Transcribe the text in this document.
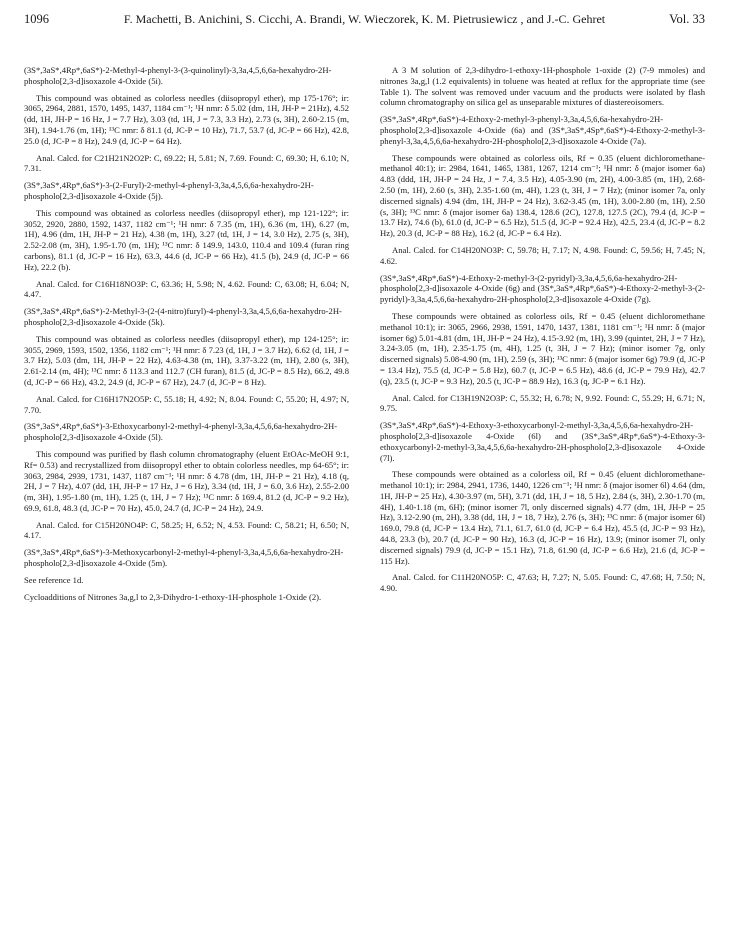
1096	F. Machetti, B. Anichini, S. Cicchi, A. Brandi, W. Wieczorek, K. M. Pietrusiewicz , and J.-C. Gehret	Vol. 33

(3S*,3aS*,4Rp*,6aS*)-2-Methyl-4-phenyl-3-(3-quinolinyl)-3,3a,4,5,6,6a-hexahydro-2H-phospholo[2,3-d]isoxazole 4-Oxide (5i).

This compound was obtained as colorless needles (diisopropyl ether), mp 175-176°; ir: 3065, 2964, 2881, 1570, 1495, 1437, 1184 cm⁻¹; ¹H nmr: δ 5.02 (dm, 1H, JH-P = 21Hz), 4.52 (dd, 1H, JH-P = 16 Hz, J = 7.7 Hz), 3.03 (td, 1H, J = 7.3, 3.3 Hz), 2.73 (s, 3H), 2.60-2.15 (m, 3H), 1.94-1.76 (m, 1H); ¹³C nmr: δ 81.1 (d, JC-P = 10 Hz), 71.7, 53.7 (d, JC-P = 66 Hz), 42.8, 25.0 (d, JC-P = 8 Hz), 24.9 (d, JC-P = 64 Hz).

Anal. Calcd. for C21H21N2O2P: C, 69.22; H, 5.81; N, 7.69. Found: C, 69.30; H, 6.10; N, 7.31.

(3S*,3aS*,4Rp*,6aS*)-3-(2-Furyl)-2-methyl-4-phenyl-3,3a,4,5,6,6a-hexahydro-2H-phospholo[2,3-d]isoxazole 4-Oxide (5j).

This compound was obtained as colorless needles (diisopropyl ether), mp 121-122°; ir: 3052, 2920, 2880, 1592, 1437, 1182 cm⁻¹; ¹H nmr: δ 7.35 (m, 1H), 6.36 (m, 1H), 6.27 (m, 1H), 4.96 (dm, 1H, JH-P = 21 Hz), 4.38 (m, 1H), 3.27 (td, 1H, J = 14, 3.0 Hz), 2.75 (s, 3H), 2.52-2.08 (m, 3H), 1.95-1.70 (m, 1H); ¹³C nmr: δ 149.9, 143.0, 110.4 and 109.4 (furan ring carbons), 81.1 (d, JC-P = 16 Hz), 63.3, 44.6 (d, JC-P = 66 Hz), 41.5 (b), 24.9 (d, JC-P = 66 Hz), 22.2 (b).

Anal. Calcd. for C16H18NO3P: C, 63.36; H, 5.98; N, 4.62. Found: C, 63.08; H, 6.04; N, 4.47.

(3S*,3aS*,4Rp*,6aS*)-2-Methyl-3-(2-(4-nitro)furyl)-4-phenyl-3,3a,4,5,6,6a-hexahydro-2H-phospholo[2,3-d]isoxazole 4-Oxide (5k).

This compound was obtained as colorless needles (diisopropyl ether), mp 124-125°; ir: 3055, 2969, 1593, 1502, 1356, 1182 cm⁻¹; ¹H nmr: δ 7.23 (d, 1H, J = 3.7 Hz), 6.62 (d, 1H, J = 3.7 Hz), 5.03 (dm, 1H, JH-P = 22 Hz), 4.63-4.38 (m, 1H), 3.37-3.22 (m, 1H), 2.80 (s, 3H), 2.61-2.14 (m, 4H); ¹³C nmr: δ 113.3 and 112.7 (CH furan), 81.5 (d, JC-P = 8.5 Hz), 66.2, 49.8 (d, JC-P = 66 Hz), 43.2, 24.9 (d, JC-P = 67 Hz), 24.7 (d, JC-P = 8 Hz).

Anal. Calcd. for C16H17N2O5P: C, 55.18; H, 4.92; N, 8.04. Found: C, 55.20; H, 4.97; N, 7.70.

(3S*,3aS*,4Rp*,6aS*)-3-Ethoxycarbonyl-2-methyl-4-phenyl-3,3a,4,5,6,6a-hexahydro-2H-phospholo[2,3-d]isoxazole 4-Oxide (5l).

This compound was purified by flash column chromatography (eluent EtOAc-MeOH 9:1, Rf= 0.53) and recrystallized from diisopropyl ether to obtain colorless needles, mp 64-65°; ir: 3063, 2984, 2939, 1731, 1437, 1187 cm⁻¹; ¹H nmr: δ 4.78 (dm, 1H, JH-P = 21 Hz), 4.18 (q, 2H, J = 7 Hz), 4.07 (dd, 1H, JH-P = 17 Hz, J = 6 Hz), 3.34 (td, 1H, J = 6.0, 3.6 Hz), 2.55-2.00 (m, 3H), 1.95-1.80 (m, 1H), 1.25 (t, 1H, J = 7 Hz); ¹³C nmr: δ 169.4, 81.2 (d, JC-P = 9.2 Hz), 69.9, 61.8, 48.3 (d, JC-P = 70 Hz), 45.0, 24.7 (d, JC-P = 24 Hz), 24.9.

Anal. Calcd. for C15H20NO4P: C, 58.25; H, 6.52; N, 4.53. Found: C, 58.21; H, 6.50; N, 4.17.

(3S*,3aS*,4Rp*,6aS*)-3-Methoxycarbonyl-2-methyl-4-phenyl-3,3a,4,5,6,6a-hexahydro-2H-phospholo[2,3-d]isoxazole 4-Oxide (5m).

See reference 1d.

Cycloadditions of Nitrones 3a,g,l to 2,3-Dihydro-1-ethoxy-1H-phosphole 1-Oxide (2).

A 3 M solution of 2,3-dihydro-1-ethoxy-1H-phosphole 1-oxide (2) (7-9 mmoles) and nitrones 3a,g,l (1.2 equivalents) in toluene was heated at reflux for the appropriate time (see Table 1). The solvent was removed under vacuum and the products were isolated by flash column chromatography on silica gel as unseparable mixtures of diastereoisomers.

(3S*,3aS*,4Rp*,6aS*)-4-Ethoxy-2-methyl-3-phenyl-3,3a,4,5,6,6a-hexahydro-2H-phospholo[2,3-d]isoxazole 4-Oxide (6a) and (3S*,3aS*,4Sp*,6aS*)-4-Ethoxy-2-methyl-3-phenyl-3,3a,4,5,6,6a-hexahydro-2H-phospholo[2,3-d]isoxazole 4-Oxide (7a).

These compounds were obtained as colorless oils, Rf = 0.35 (eluent dichloromethane-methanol 40:1); ir: 2984, 1641, 1465, 1381, 1267, 1214 cm⁻¹; ¹H nmr: δ (major isomer 6a) 4.83 (ddd, 1H, JH-P = 24 Hz, J = 7.4, 3.5 Hz), 4.05-3.90 (m, 2H), 4.00-3.85 (m, 1H), 2.68-2.50 (m, 1H), 2.60 (s, 3H), 2.35-1.60 (m, 4H), 1.23 (t, 3H, J = 7 Hz); (minor isomer 7a, only discerned signals) 4.94 (dm, 1H, JH-P = 24 Hz), 3.62-3.45 (m, 1H), 3.00-2.80 (m, 1H), 2.50 (s, 3H); ¹³C nmr: δ (major isomer 6a) 138.4, 128.6 (2C), 127.8, 127.5 (2C), 79.4 (d, JC-P = 13.7 Hz), 74.6 (b), 61.0 (d, JC-P = 6.5 Hz), 51.5 (d, JC-P = 92.4 Hz), 42.5, 23.4 (d, JC-P = 8.2 Hz), 20.3 (d, JC-P = 88 Hz), 16.2 (d, JC-P = 6.4 Hz).

Anal. Calcd. for C14H20NO3P: C, 59.78; H, 7.17; N, 4.98. Found: C, 59.56; H, 7.45; N, 4.62.

(3S*,3aS*,4Rp*,6aS*)-4-Ethoxy-2-methyl-3-(2-pyridyl)-3,3a,4,5,6,6a-hexahydro-2H-phospholo[2,3-d]isoxazole 4-Oxide (6g) and (3S*,3aS*,4Rp*,6aS*)-4-Ethoxy-2-methyl-3-(2-pyridyl)-3,3a,4,5,6,6a-hexahydro-2H-phospholo[2,3-d]isoxazole 4-Oxide (7g).

These compounds were obtained as colorless oils, Rf = 0.45 (eluent dichloromethane methanol 10:1); ir: 3065, 2966, 2938, 1591, 1470, 1437, 1381, 1181 cm⁻¹; ¹H nmr: δ (major isomer 6g) 5.01-4.81 (dm, 1H, JH-P = 24 Hz), 4.15-3.92 (m, 1H), 3.99 (quintet, 2H, J = 7 Hz), 3.24-3.05 (m, 1H), 2.35-1.75 (m, 4H), 1.25 (t, 3H, J = 7 Hz); (minor isomer 7g, only discerned signals) 5.08-4.90 (m, 1H), 2.59 (s, 3H); ¹³C nmr: δ (major isomer 6g) 79.9 (d, JC-P = 13.4 Hz), 75.5 (d, JC-P = 5.8 Hz), 60.7 (t, JC-P = 6.5 Hz), 48.6 (d, JC-P = 79.9 Hz), 42.7 (q), 23.5 (t, JC-P = 9.3 Hz), 20.5 (t, JC-P = 88.9 Hz), 16.3 (q, JC-P = 6.1 Hz).

Anal. Calcd. for C13H19N2O3P: C, 55.32; H, 6.78; N, 9.92. Found: C, 55.29; H, 6.71; N, 9.75.

(3S*,3aS*,4Rp*,6aS*)-4-Ethoxy-3-ethoxycarbonyl-2-methyl-3,3a,4,5,6,6a-hexahydro-2H-phospholo[2,3-d]isoxazole 4-Oxide (6l) and (3S*,3aS*,4Rp*,6aS*)-4-Ethoxy-3-ethoxycarbonyl-2-methyl-3,3a,4,5,6,6a-hexahydro-2H-phospholo[2,3-d]isoxazole 4-Oxide (7l).

These compounds were obtained as a colorless oil, Rf = 0.45 (eluent dichloromethane-methanol 10:1); ir: 2984, 2941, 1736, 1440, 1226 cm⁻¹; ¹H nmr: δ (major isomer 6l) 4.64 (dm, 1H, JH-P = 25 Hz), 4.30-3.97 (m, 5H), 3.71 (dd, 1H, J = 18, 5 Hz), 2.84 (s, 3H), 2.30-1.70 (m, 4H), 1.40-1.18 (m, 6H); (minor isomer 7l, only discerned signals) 4.77 (dm, 1H, JH-P = 25 Hz), 3.12-2.90 (m, 2H), 3.38 (dd, 1H, J = 18, 7 Hz), 2.76 (s, 3H); ¹³C nmr: δ (major isomer 6l) 169.0, 79.8 (d, JC-P = 13.4 Hz), 71.1, 61.7, 61.0 (d, JC-P = 6.4 Hz), 45.5 (d, JC-P = 93 Hz), 44.8, 23.3 (b), 20.7 (d, JC-P = 90 Hz), 16.3 (d, JC-P = 16 Hz), 13.9; (minor isomer 7l, only discerned signals) 79.9 (d, JC-P = 15.1 Hz), 71.8, 61.90 (d, JC-P = 6.6 Hz), 21.6 (d, JC-P = 115 Hz).

Anal. Calcd. for C11H20NO5P: C, 47.63; H, 7.27; N, 5.05. Found: C, 47.68; H, 7.50; N, 4.90.
